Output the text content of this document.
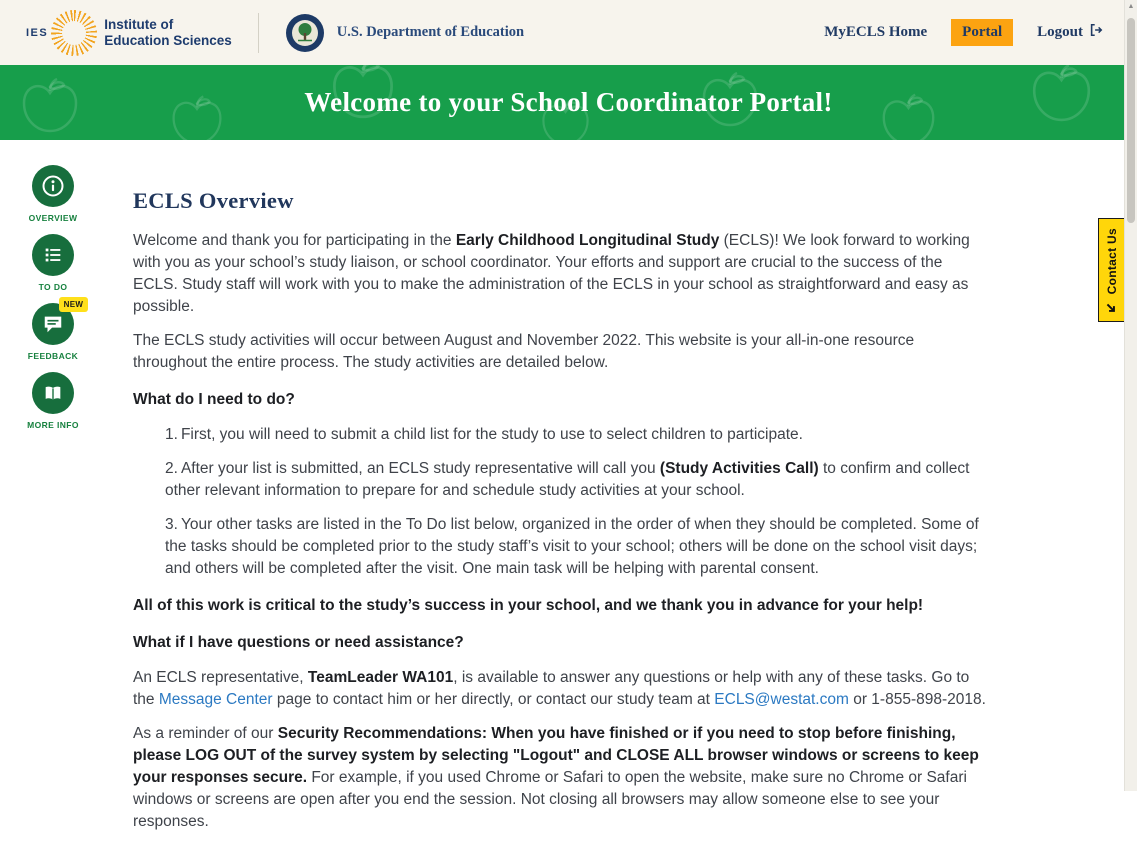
IES
Institute of
Education Sciences	U.S. Department of Education	MyECLS Home	Portal	Logout
Welcome to your School Coordinator Portal!
OVERVIEW
TO DO
NEW
FEEDBACK
MORE INFO
ECLS Overview

Welcome and thank you for participating in the Early Childhood Longitudinal Study (ECLS)! We look forward to working with you as your school’s study liaison, or school coordinator. Your efforts and support are crucial to the success of the ECLS. Study staff will work with you to make the administration of the ECLS in your school as straightforward and easy as possible.

The ECLS study activities will occur between August and November 2022. This website is your all-in-one resource throughout the entire process. The study activities are detailed below.

What do I need to do?

1. First, you will need to submit a child list for the study to use to select children to participate.

2. After your list is submitted, an ECLS study representative will call you (Study Activities Call) to confirm and collect other relevant information to prepare for and schedule study activities at your school.

3. Your other tasks are listed in the To Do list below, organized in the order of when they should be completed. Some of the tasks should be completed prior to the study staff’s visit to your school; others will be done on the school visit days; and others will be completed after the visit. One main task will be helping with parental consent.

All of this work is critical to the study’s success in your school, and we thank you in advance for your help!

What if I have questions or need assistance?

An ECLS representative, TeamLeader WA101, is available to answer any questions or help with any of these tasks. Go to the Message Center page to contact him or her directly, or contact our study team at ECLS@westat.com or 1-855-898-2018.

As a reminder of our Security Recommendations: When you have finished or if you need to stop before finishing, please LOG OUT of the survey system by selecting "Logout" and CLOSE ALL browser windows or screens to keep your responses secure. For example, if you used Chrome or Safari to open the website, make sure no Chrome or Safari windows or screens are open after you end the session. Not closing all browsers may allow someone else to see your responses.

Contact Us
▲
